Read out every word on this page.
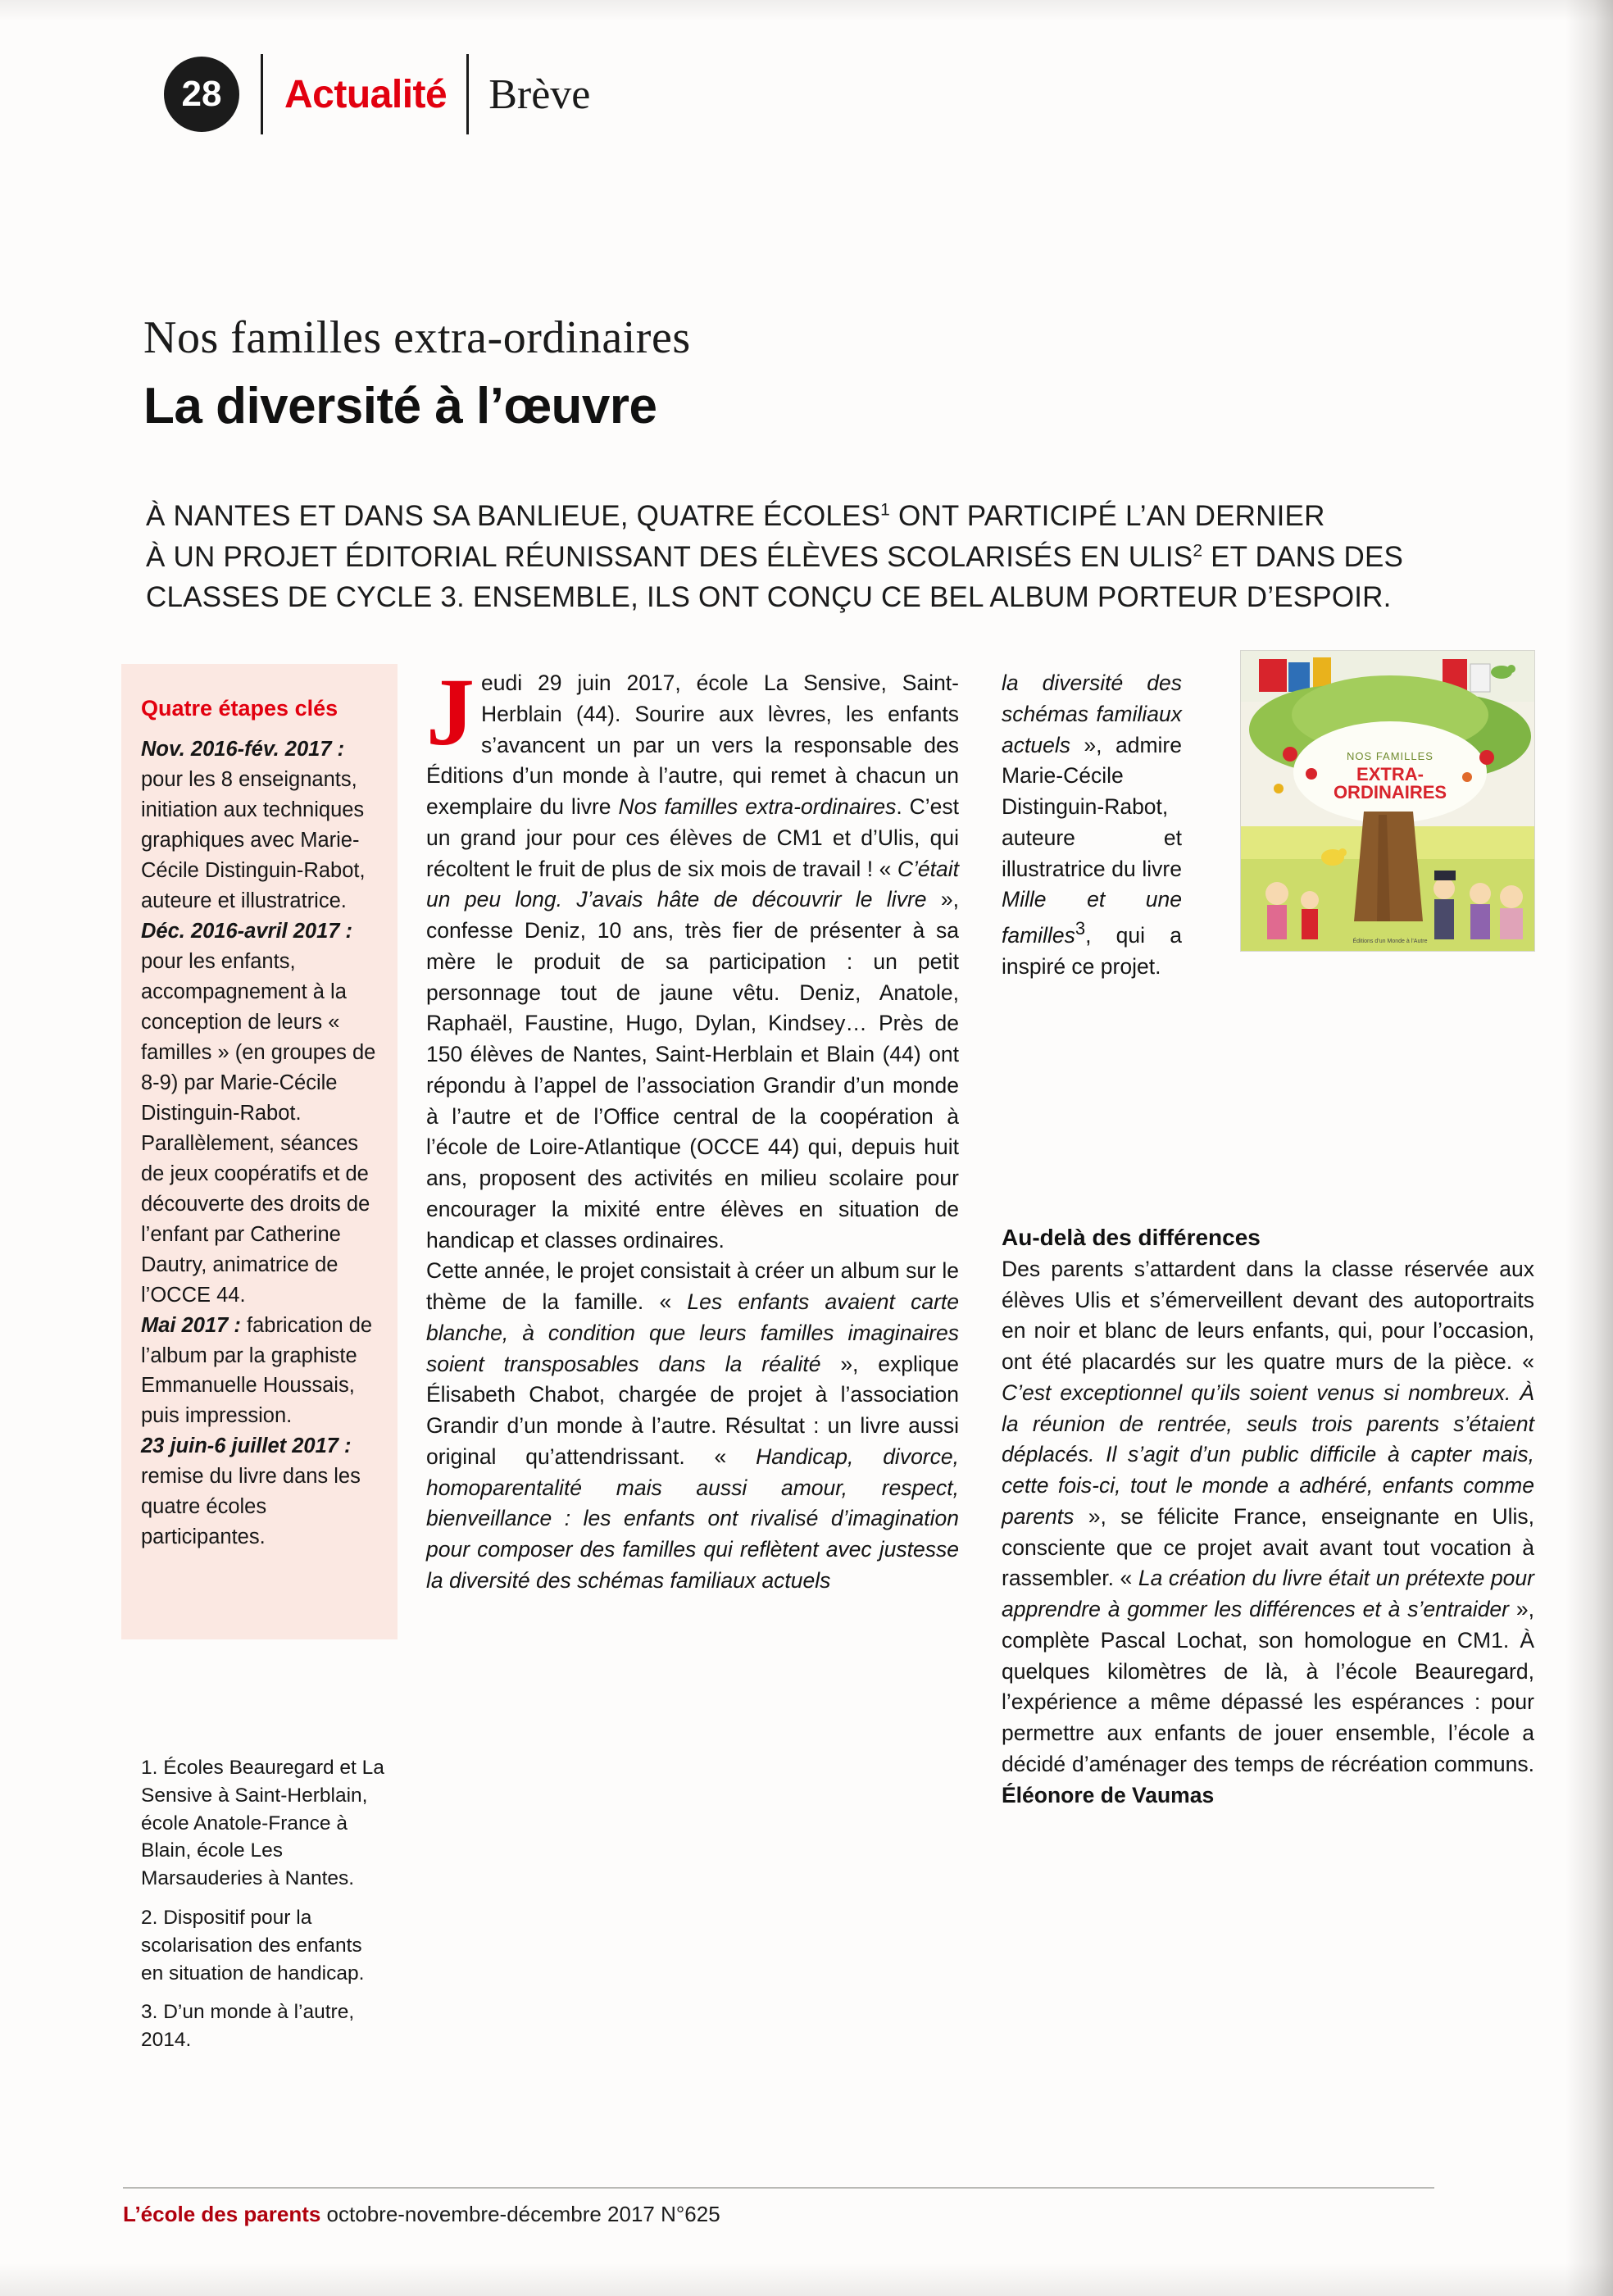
28	Actualité Brève
Nos familles extra-ordinaires
La diversité à l’œuvre
À NANTES ET DANS SA BANLIEUE, QUATRE ÉCOLES$^1$ ONT PARTICIPÉ L’AN DERNIER
À UN PROJET ÉDITORIAL RÉUNISSANT DES ÉLÈVES SCOLARISÉS EN ULIS$^2$ ET DANS DES
CLASSES DE CYCLE 3. ENSEMBLE, ILS ONT CONÇU CE BEL ALBUM PORTEUR D’ESPOIR.
Quatre étapes clés

Nov. 2016-fév. 2017 : pour les 8 enseignants, initiation aux techniques graphiques avec Marie-Cécile Distinguin-Rabot, auteure et illustratrice.

Déc. 2016-avril 2017 : pour les enfants, accompagnement à la conception de leurs « familles » (en groupes de 8-9) par Marie-Cécile Distinguin-Rabot. Parallèlement, séances de jeux coopératifs et de découverte des droits de l’enfant par Catherine Dautry, animatrice de l’OCCE 44.

Mai 2017 : fabrication de l’album par la graphiste Emmanuelle Houssais, puis impression.

23 juin-6 juillet 2017 : remise du livre dans les quatre écoles participantes.

1. Écoles Beauregard et La Sensive à Saint-Herblain, école Anatole-France à Blain, école Les Marsauderies à Nantes.

2. Dispositif pour la scolarisation des enfants en situation de handicap.

3. D’un monde à l’autre, 2014.

Jeudi 29 juin 2017, école La Sensive, Saint-Herblain (44). Sourire aux lèvres, les enfants s’avancent un par un vers la responsable des Éditions d’un monde à l’autre, qui remet à chacun un exemplaire du livre Nos familles extra-ordinaires. C’est un grand jour pour ces élèves de CM1 et d’Ulis, qui récoltent le fruit de plus de six mois de travail ! « C’était un peu long. J’avais hâte de découvrir le livre », confesse Deniz, 10 ans, très fier de présenter à sa mère le produit de sa participation : un petit personnage tout de jaune vêtu. Deniz, Anatole, Raphaël, Faustine, Hugo, Dylan, Kindsey… Près de 150 élèves de Nantes, Saint-Herblain et Blain (44) ont répondu à l’appel de l’association Grandir d’un monde à l’autre et de l’Office central de la coopération à l’école de Loire-Atlantique (OCCE 44) qui, depuis huit ans, proposent des activités en milieu scolaire pour encourager la mixité entre élèves en situation de handicap et classes ordinaires.

Cette année, le projet consistait à créer un album sur le thème de la famille. « Les enfants avaient carte blanche, à condition que leurs familles imaginaires soient transposables dans la réalité », explique Élisabeth Chabot, chargée de projet à l’association Grandir d’un monde à l’autre. Résultat : un livre aussi original qu’attendrissant. « Handicap, divorce, homoparentalité mais aussi amour, respect, bienveillance : les enfants ont rivalisé d’imagination pour composer des familles qui reflètent avec justesse la diversité des schémas familiaux actuels

la diversité des schémas familiaux actuels », admire Marie-Cécile Distinguin-Rabot, auteure et illustratrice du livre Mille et une familles$^3$, qui a inspiré ce projet.

NOS FAMILLES
EXTRA-
ORDINAIRES
Éditions d’un Monde à l’Autre

Au-delà des différences

Des parents s’attardent dans la classe réservée aux élèves Ulis et s’émerveillent devant des autoportraits en noir et blanc de leurs enfants, qui, pour l’occasion, ont été placardés sur les quatre murs de la pièce. « C’est exceptionnel qu’ils soient venus si nombreux. À la réunion de rentrée, seuls trois parents s’étaient déplacés. Il s’agit d’un public difficile à capter mais, cette fois-ci, tout le monde a adhéré, enfants comme parents », se félicite France, enseignante en Ulis, consciente que ce projet avait avant tout vocation à rassembler. « La création du livre était un prétexte pour apprendre à gommer les différences et à s’entraider », complète Pascal Lochat, son homologue en CM1. À quelques kilomètres de là, à l’école Beauregard, l’expérience a même dépassé les espérances : pour permettre aux enfants de jouer ensemble, l’école a décidé d’aménager des temps de récréation communs. Éléonore de Vaumas

L’école des parents octobre-novembre-décembre 2017 N°625
